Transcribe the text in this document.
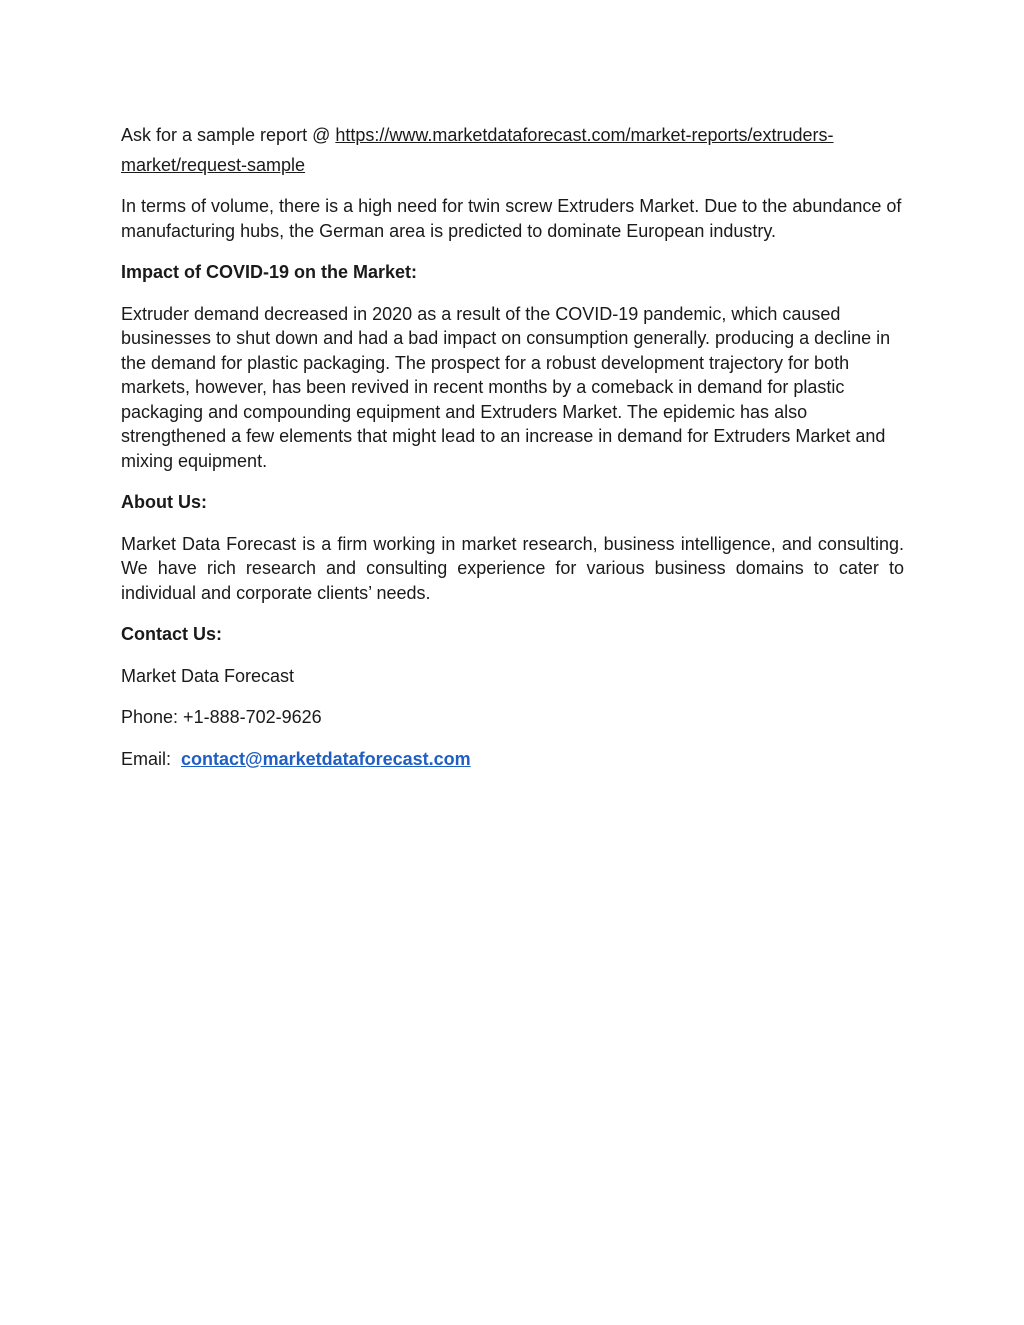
Ask for a sample report @ https://www.marketdataforecast.com/market-reports/extruders-market/request-sample

In terms of volume, there is a high need for twin screw Extruders Market. Due to the abundance of manufacturing hubs, the German area is predicted to dominate European industry.

Impact of COVID-19 on the Market:

Extruder demand decreased in 2020 as a result of the COVID-19 pandemic, which caused businesses to shut down and had a bad impact on consumption generally. producing a decline in the demand for plastic packaging. The prospect for a robust development trajectory for both markets, however, has been revived in recent months by a comeback in demand for plastic packaging and compounding equipment and Extruders Market. The epidemic has also strengthened a few elements that might lead to an increase in demand for Extruders Market and mixing equipment.

About Us:

Market Data Forecast is a firm working in market research, business intelligence, and consulting. We have rich research and consulting experience for various business domains to cater to individual and corporate clients’ needs.

Contact Us:

Market Data Forecast

Phone: +1-888-702-9626

Email:  contact@marketdataforecast.com
